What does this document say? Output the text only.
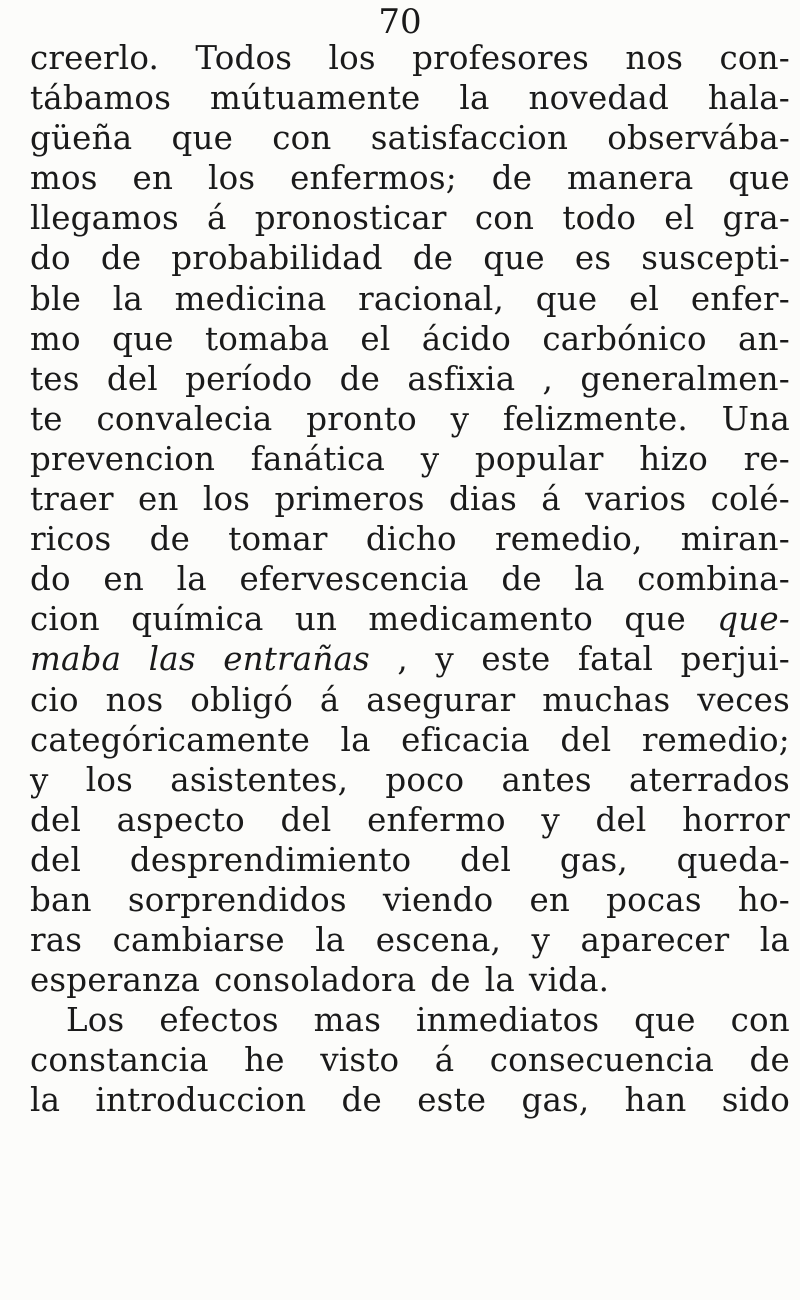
70
creerlo. Todos los profesores nos con-
tábamos mútuamente la novedad hala-
güeña que con satisfaccion observába-
mos en los enfermos; de manera que
llegamos á pronosticar con todo el gra-
do de probabilidad de que es suscepti-
ble la medicina racional, que el enfer-
mo que tomaba el ácido carbónico an-
tes del período de asfixia , generalmen-
te convalecia pronto y felizmente. Una
prevencion fanática y popular hizo re-
traer en los primeros dias á varios colé-
ricos de tomar dicho remedio, miran-
do en la efervescencia de la combina-
cion química un medicamento que que-
maba las entrañas , y este fatal perjui-
cio nos obligó á asegurar muchas veces
categóricamente la eficacia del remedio;
y los asistentes, poco antes aterrados
del aspecto del enfermo y del horror
del desprendimiento del gas, queda-
ban sorprendidos viendo en pocas ho-
ras cambiarse la escena, y aparecer la
esperanza consoladora de la vida.
Los efectos mas inmediatos que con
constancia he visto á consecuencia de
la introduccion de este gas, han sido
